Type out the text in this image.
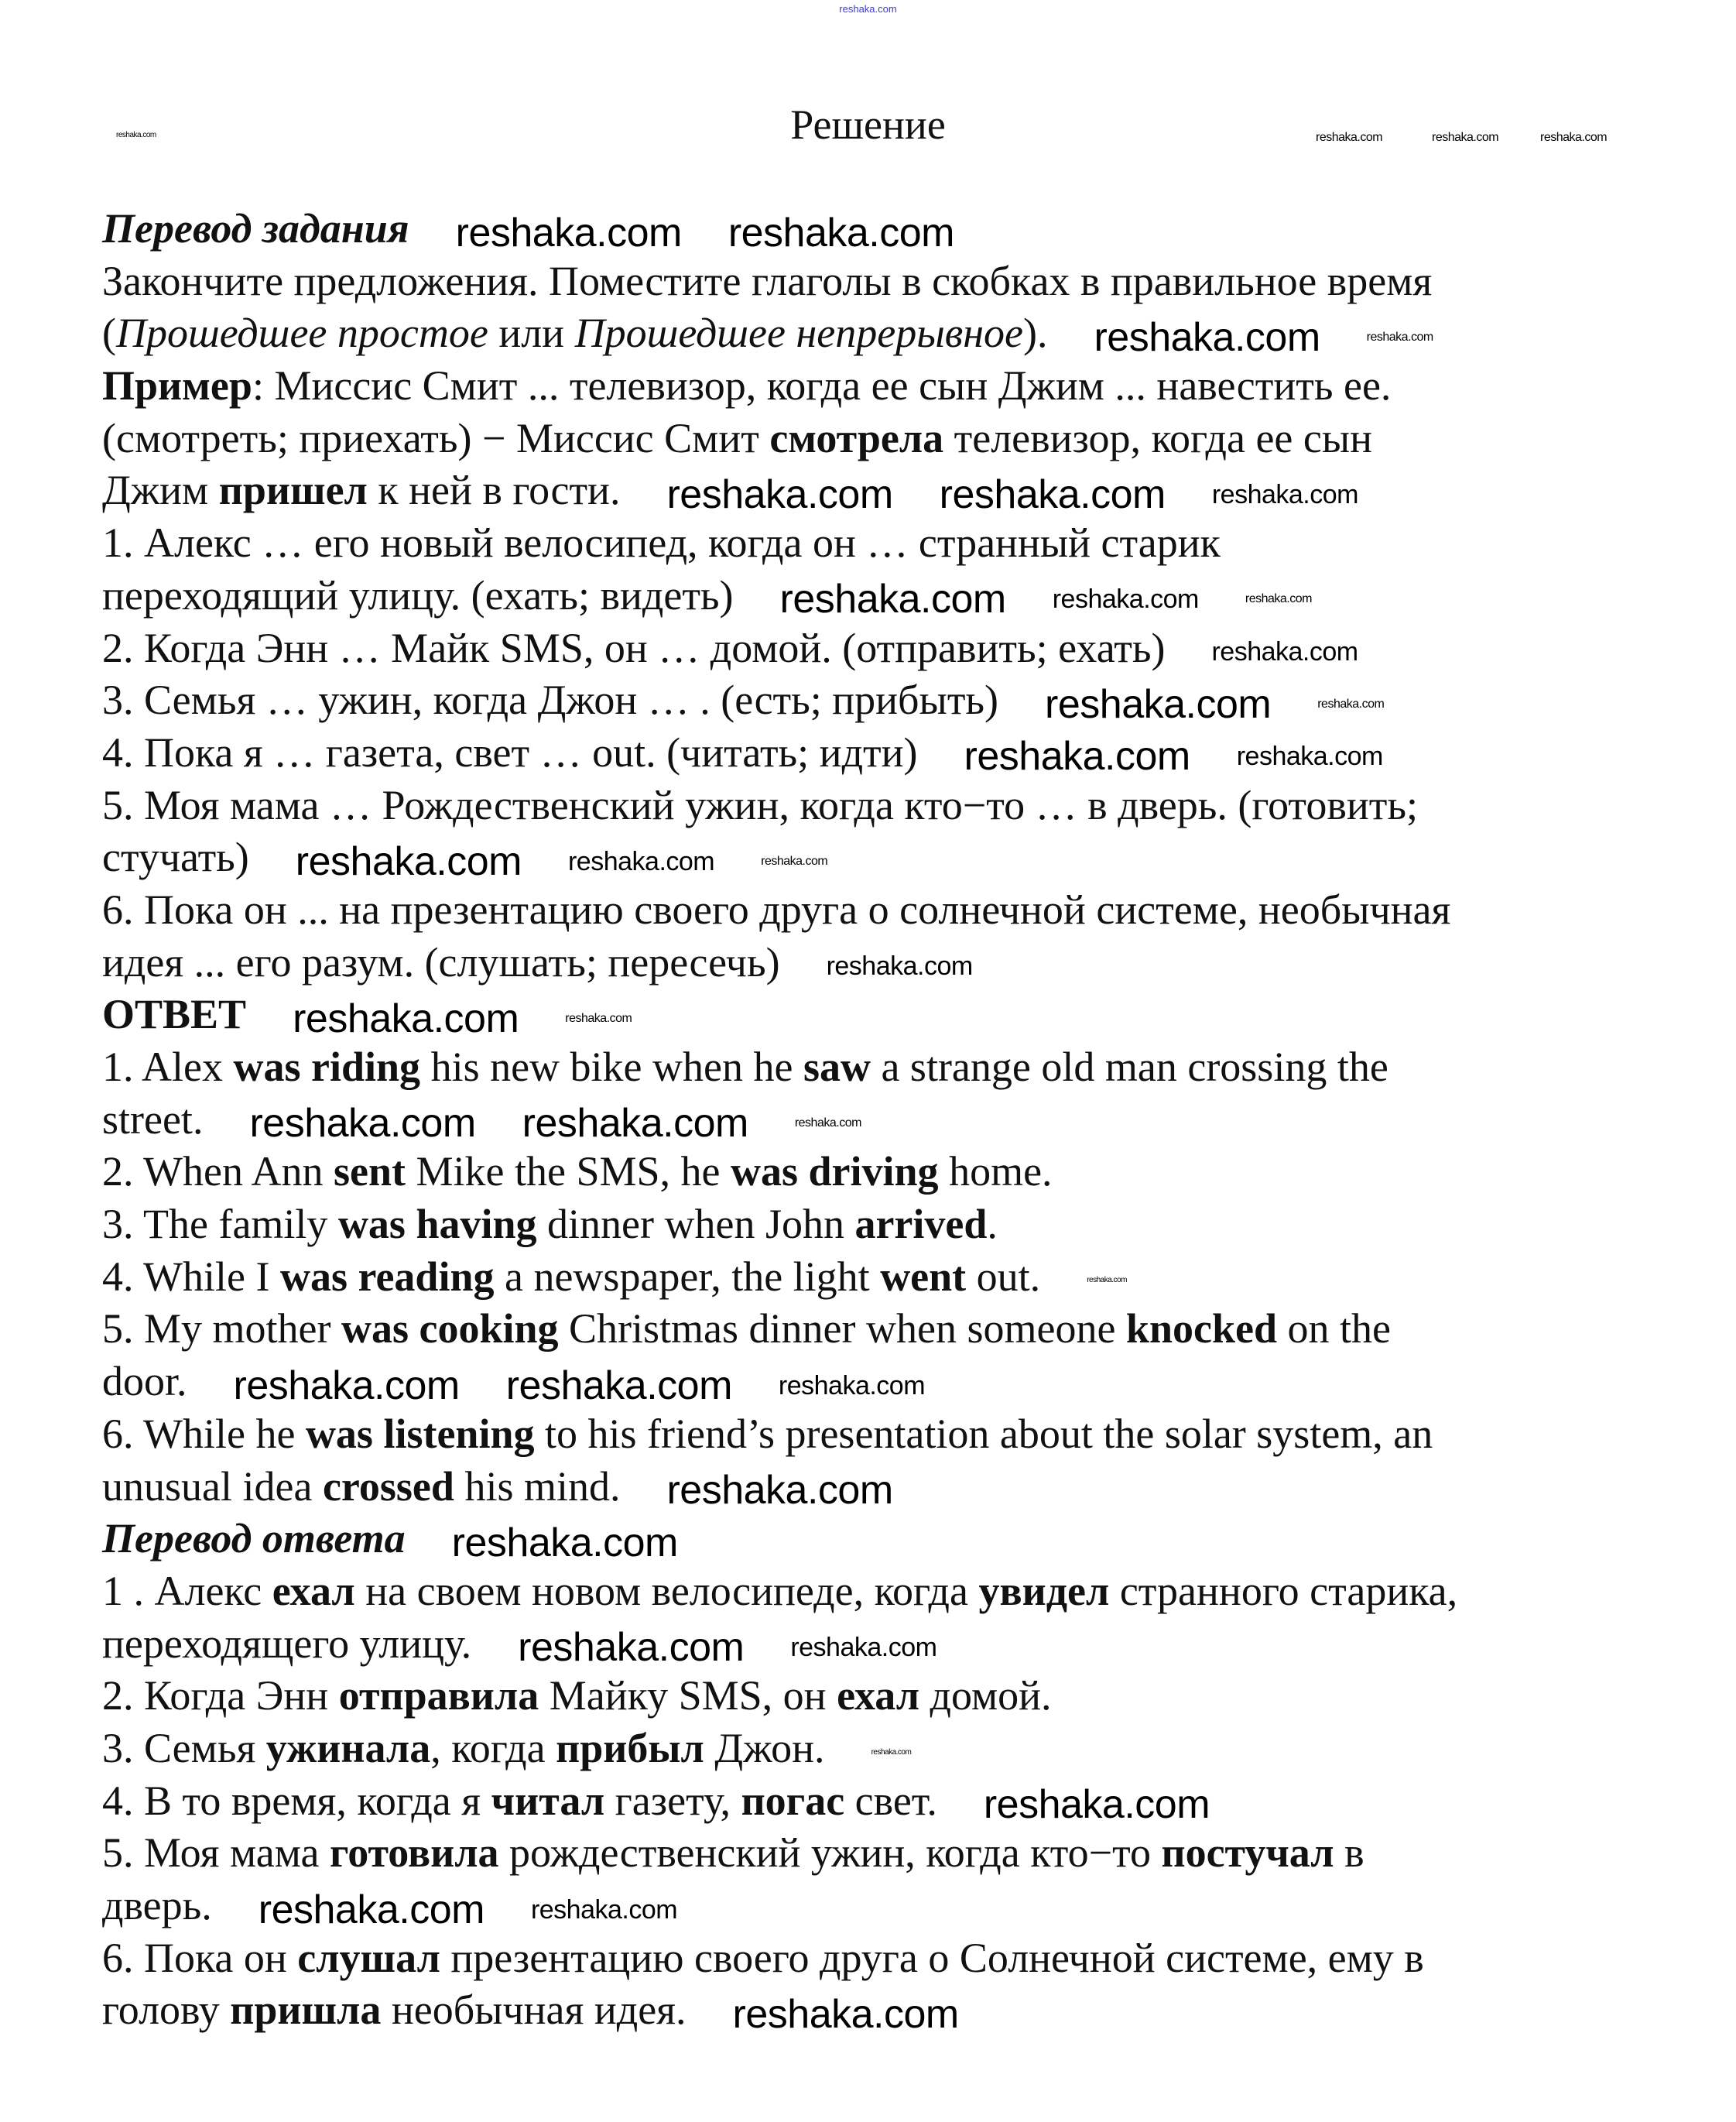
reshaka.com
Решение
Перевод задания reshaka.com reshaka.com
Закончите предложения. Поместите глаголы в скобках в правильное время
(Прошедшее простое или Прошедшее непрерывное). reshaka.com	reshaka.com
Пример: Миссис Смит ... телевизор, когда ее сын Джим ... навестить ее.
(смотреть; приехать) − Миссис Смит смотрела телевизор, когда ее сын
Джим пришел к ней в гости. reshaka.com reshaka.com reshaka.com
1. Алекс … его новый велосипед, когда он … странный старик
переходящий улицу. (ехать; видеть) reshaka.com reshaka.com	reshaka.com
2. Когда Энн … Майк SMS, он … домой. (отправить; ехать) reshaka.com
3. Семья … ужин, когда Джон … . (есть; прибыть) reshaka.com	reshaka.com
4. Пока я … газета, свет … out. (читать; идти) reshaka.com reshaka.com
5. Моя мама … Рождественский ужин, когда кто−то … в дверь. (готовить;
стучать) reshaka.com reshaka.com	reshaka.com
6. Пока он ... на презентацию своего друга о солнечной системе, необычная
идея ... его разум. (слушать; пересечь) reshaka.com
ОТВЕТ reshaka.com	reshaka.com
1. Alex was riding his new bike when he saw a strange old man crossing the
street. reshaka.com reshaka.com	reshaka.com
2. When Ann sent Mike the SMS, he was driving home.
3. The family was having dinner when John arrived.
4. While I was reading a newspaper, the light went out.	reshaka.com
5. My mother was cooking Christmas dinner when someone knocked on the
door. reshaka.com reshaka.com reshaka.com
6. While he was listening to his friend’s presentation about the solar system, an
unusual idea crossed his mind. reshaka.com
Перевод ответа reshaka.com
1 . Алекс ехал на своем новом велосипеде, когда увидел странного старика,
переходящего улицу. reshaka.com reshaka.com
2. Когда Энн отправила Майку SMS, он ехал домой.
3. Семья ужинала, когда прибыл Джон.	reshaka.com
4. В то время, когда я читал газету, погас свет. reshaka.com
5. Моя мама готовила рождественский ужин, когда кто−то постучал в
дверь. reshaka.com reshaka.com
6. Пока он слушал презентацию своего друга о Солнечной системе, ему в
голову пришла необычная идея. reshaka.com
reshaka.com	reshaka.com	reshaka.com
reshaka.com
